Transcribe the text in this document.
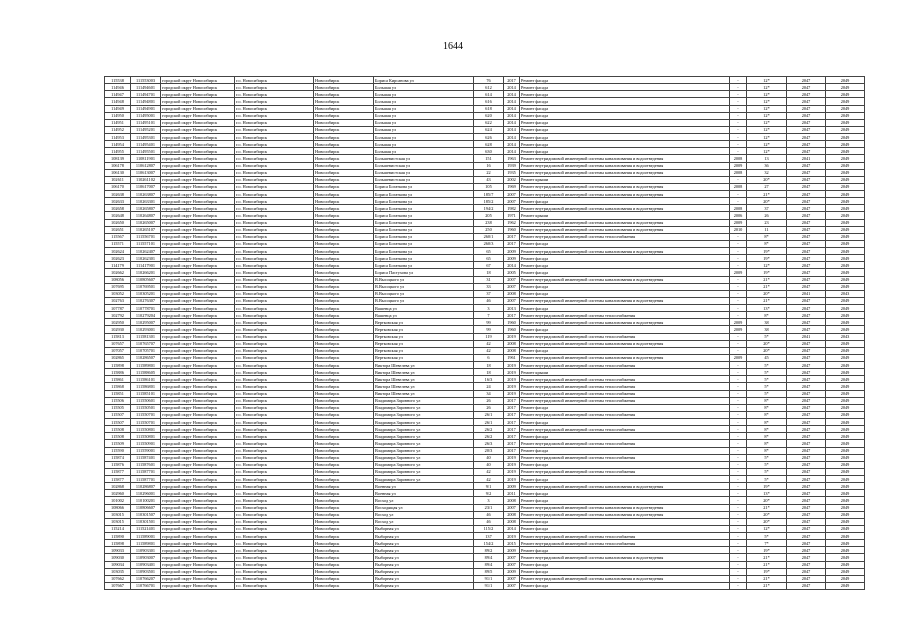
1644
115538	111553003	городской округ Новосибирск	г.о. Новосибирск	Новосибирск	Бориса Кирсанова ул	76	2017	Ремонт фасада	-	12*	2047	2049
114946	111494601	городской округ Новосибирск	г.о. Новосибирск	Новосибирск	Большая ул	612	2014	Ремонт фасада	-	12*	2047	2049
114947	111494701	городской округ Новосибирск	г.о. Новосибирск	Новосибирск	Большая ул	614	2014	Ремонт фасада	-	12*	2047	2049
114948	111494801	городской округ Новосибирск	г.о. Новосибирск	Новосибирск	Большая ул	616	2014	Ремонт фасада	-	12*	2047	2049
114949	111494901	городской округ Новосибирск	г.о. Новосибирск	Новосибирск	Большая ул	618	2014	Ремонт фасада	-	12*	2047	2049
114950	111495001	городской округ Новосибирск	г.о. Новосибирск	Новосибирск	Большая ул	620	2014	Ремонт фасада	-	12*	2047	2049
114951	111495101	городской округ Новосибирск	г.о. Новосибирск	Новосибирск	Большая ул	622	2014	Ремонт фасада	-	12*	2047	2049
114952	111495201	городской округ Новосибирск	г.о. Новосибирск	Новосибирск	Большая ул	624	2014	Ремонт фасада	-	12*	2047	2049
114953	111495301	городской округ Новосибирск	г.о. Новосибирск	Новосибирск	Большая ул	626	2014	Ремонт фасада	-	12*	2047	2049
114954	111495401	городской округ Новосибирск	г.о. Новосибирск	Новосибирск	Большая ул	628	2014	Ремонт фасада	-	12*	2047	2049
114955	111495501	городской округ Новосибирск	г.о. Новосибирск	Новосибирск	Большая ул	630	2014	Ремонт фасада	-	12*	2047	2049
108139	110811901	городской округ Новосибирск	г.о. Новосибирск	Новосибирск	Большевистская ул	151	1963	Ремонт внутридомовой инженерной системы канализования и водоотведения	2008	13	2041	2049
106178	110612807	городской округ Новосибирск	г.о. Новосибирск	Новосибирск	Большевистская ул	16	1939	Ремонт внутридомовой инженерной системы канализования и водоотведения	2009	36	2047	2049
106130	110613007	городской округ Новосибирск	г.о. Новосибирск	Новосибирск	Большевистская ул	22	1935	Ремонт внутридомовой инженерной системы канализования и водоотведения	2008	32	2047	2049
102611	110261102	городской округ Новосибирск	г.о. Новосибирск	Новосибирск	Большевистская ул	43	2002	Ремонт крыши	-	20*	2047	2049
106170	110617007	городской округ Новосибирск	г.о. Новосибирск	Новосибирск	Бориса Богаткова ул	105	1969	Ремонт внутридомовой инженерной системы канализования и водоотведения	2008	27	2047	2049
102638	110263807	городской округ Новосибирск	г.о. Новосибирск	Новосибирск	Бориса Богаткова ул	185/7	2007	Ремонт внутридомовой инженерной системы канализования и водоотведения	-	21*	2047	2049
102633	110263301	городской округ Новосибирск	г.о. Новосибирск	Новосибирск	Бориса Богаткова ул	185/2	2007	Ремонт фасада	-	20*	2047	2049
102658	110265807	городской округ Новосибирск	г.о. Новосибирск	Новосибирск	Бориса Богаткова ул	194/2	1982	Ремонт внутридомовой инженерной системы канализования и водоотведения	2008	37	2047	2049
102648	110264807	городской округ Новосибирск	г.о. Новосибирск	Новосибирск	Бориса Богаткова ул	205	1971	Ремонт крыши	2006	26	2047	2049
102650	110265007	городской округ Новосибирск	г.о. Новосибирск	Новосибирск	Бориса Богаткова ул	238	1962	Ремонт внутридомовой инженерной системы канализования и водоотведения	2009	23	2047	2049
102651	110265107	городской округ Новосибирск	г.о. Новосибирск	Новосибирск	Бориса Богаткова ул	250	1960	Ремонт внутридомовой инженерной системы канализования и водоотведения	2010	11	2047	2049
115567	111556701	городской округ Новосибирск	г.о. Новосибирск	Новосибирск	Бориса Богаткова ул	260/1	2017	Ремонт внутридомовой инженерной системы теплоснабжения	-	8*	2047	2049
115571	111557101	городской округ Новосибирск	г.о. Новосибирск	Новосибирск	Бориса Богаткова ул	260/3	2017	Ремонт фасада	-	8*	2047	2049
102624	110262407	городской округ Новосибирск	г.о. Новосибирск	Новосибирск	Бориса Богаткова ул	65	2009	Ремонт внутридомовой инженерной системы канализования и водоотведения	-	19*	2047	2049
102623	110262301	городской округ Новосибирск	г.о. Новосибирск	Новосибирск	Бориса Богаткова ул	65	2009	Ремонт фасада	-	19*	2047	2049
114179	111417901	городской округ Новосибирск	г.о. Новосибирск	Новосибирск	Бориса Богаткова ул	67	2014	Ремонт фасада	-	12*	2047	2049
102662	110266201	городской округ Новосибирск	г.о. Новосибирск	Новосибирск	Бориса Пастухова ул	18	2005	Ремонт фасада	2009	19*	2047	2049
108056	110805607	городской округ Новосибирск	г.о. Новосибирск	Новосибирск	В.Высоцкого ул	31	2007	Ремонт внутридомовой инженерной системы канализования и водоотведения	-	21*	2047	2049
107695	110769501	городской округ Новосибирск	г.о. Новосибирск	Новосибирск	В.Высоцкого ул	33	2007	Ремонт фасада	-	21*	2047	2049
103052	110305201	городской округ Новосибирск	г.о. Новосибирск	Новосибирск	В.Высоцкого ул	37	2008	Ремонт фасада	-	20*	2041	2043
102763	110276307	городской округ Новосибирск	г.о. Новосибирск	Новосибирск	В.Высоцкого ул	46	2007	Ремонт внутридомовой инженерной системы канализования и водоотведения	-	21*	2047	2049
107787	110778701	городской округ Новосибирск	г.о. Новосибирск	Новосибирск	Вашенца ул	3	2013	Ремонт фасада	-	13*	2047	2049
102792	110279204	городской округ Новосибирск	г.о. Новосибирск	Новосибирск	Вашенца ул	7	2017	Ремонт внутридомовой инженерной системы теплоснабжения	-	8*	2047	2049
102950	110295007	городской округ Новосибирск	г.о. Новосибирск	Новосибирск	Вертковская ул	99	1960	Ремонт внутридомовой инженерной системы канализования и водоотведения	2009	38	2047	2049
102930	110293001	городской округ Новосибирск	г.о. Новосибирск	Новосибирск	Вертковская ул	99	1960	Ремонт фасада	2009	38	2047	2049
115813	111581301	городской округ Новосибирск	г.о. Новосибирск	Новосибирск	Вертковская ул	119	2019	Ремонт внутридомовой инженерной системы теплоснабжения	-	5*	2041	2043
107657	110765707	городской округ Новосибирск	г.о. Новосибирск	Новосибирск	Вертковская ул	42	2008	Ремонт внутридомовой инженерной системы канализования и водоотведения	-	20*	2047	2049
107057	110705701	городской округ Новосибирск	г.о. Новосибирск	Новосибирск	Вертковская ул	42	2008	Ремонт фасада	-	20*	2047	2049
102865	110286507	городской округ Новосибирск	г.о. Новосибирск	Новосибирск	Вертковская ул	6	1961	Ремонт внутридомовой инженерной системы канализования и водоотведения	2009	45	2047	2049
115898	111589801	городской округ Новосибирск	г.о. Новосибирск	Новосибирск	Виктора Шевелева ул	18	2019	Ремонт внутридомовой инженерной системы теплоснабжения	-	5*	2047	2049
115886	111588605	городской округ Новосибирск	г.о. Новосибирск	Новосибирск	Виктора Шевелева ул	18	2019	Ремонт крыши	-	5*	2047	2049
115861	111586101	городской округ Новосибирск	г.о. Новосибирск	Новосибирск	Виктора Шевелева ул	16/3	2019	Ремонт внутридомовой инженерной системы теплоснабжения	-	5*	2047	2049
115868	111586801	городской округ Новосибирск	г.о. Новосибирск	Новосибирск	Виктора Шевелева ул	24	2019	Ремонт внутридомовой инженерной системы теплоснабжения	-	5*	2047	2049
115851	111585101	городской округ Новосибирск	г.о. Новосибирск	Новосибирск	Виктора Шевелева ул	34	2019	Ремонт внутридомовой инженерной системы теплоснабжения	-	5*	2047	2049
115506	111550601	городской округ Новосибирск	г.о. Новосибирск	Новосибирск	Владимира Заровного ул	26	2017	Ремонт внутридомовой инженерной системы теплоснабжения	-	8*	2047	2049
115505	111550501	городской округ Новосибирск	г.о. Новосибирск	Новосибирск	Владимира Заровного ул	26	2017	Ремонт фасада	-	8*	2047	2049
115507	111550701	городской округ Новосибирск	г.о. Новосибирск	Новосибирск	Владимира Заровного ул	26/1	2017	Ремонт внутридомовой инженерной системы теплоснабжения	-	8*	2047	2049
115507	111550701	городской округ Новосибирск	г.о. Новосибирск	Новосибирск	Владимира Заровного ул	26/1	2017	Ремонт фасада	-	8*	2047	2049
115508	111550801	городской округ Новосибирск	г.о. Новосибирск	Новосибирск	Владимира Заровного ул	26/2	2017	Ремонт внутридомовой инженерной системы теплоснабжения	-	8*	2047	2049
115508	111550801	городской округ Новосибирск	г.о. Новосибирск	Новосибирск	Владимира Заровного ул	26/2	2017	Ремонт фасада	-	8*	2047	2049
115509	111550901	городской округ Новосибирск	г.о. Новосибирск	Новосибирск	Владимира Заровного ул	26/3	2017	Ремонт внутридомовой инженерной системы теплоснабжения	-	8*	2047	2049
115590	111559001	городской округ Новосибирск	г.о. Новосибирск	Новосибирск	Владимира Заровного ул	20/3	2017	Ремонт фасада	-	8*	2047	2049
115874	111587401	городской округ Новосибирск	г.о. Новосибирск	Новосибирск	Владимира Заровного ул	40	2019	Ремонт внутридомовой инженерной системы теплоснабжения	-	5*	2047	2049
115876	111587601	городской округ Новосибирск	г.о. Новосибирск	Новосибирск	Владимира Заровного ул	40	2019	Ремонт фасада	-	5*	2047	2049
115877	111587701	городской округ Новосибирск	г.о. Новосибирск	Новосибирск	Владимира Заровного ул	42	2019	Ремонт внутридомовой инженерной системы теплоснабжения	-	5*	2047	2049
115877	111587701	городской округ Новосибирск	г.о. Новосибирск	Новосибирск	Владимира Заровного ул	42	2019	Ремонт фасада	-	5*	2047	2049
102868	110286807	городской округ Новосибирск	г.о. Новосибирск	Новосибирск	Военная ул	9/1	2009	Ремонт внутридомовой инженерной системы канализования и водоотведения	-	19*	2047	2049
102960	110296001	городской округ Новосибирск	г.о. Новосибирск	Новосибирск	Военная ул	9/2	2011	Ремонт фасада	-	13*	2047	2049
101002	110100201	городской округ Новосибирск	г.о. Новосибирск	Новосибирск	Восход ул	3	2008	Ремонт фасада	-	20*	2047	2049
108066	110806607	городской округ Новосибирск	г.о. Новосибирск	Новосибирск	Восходящая ул	23/1	2007	Ремонт внутридомовой инженерной системы канализования и водоотведения	-	21*	2047	2049
103015	110301507	городской округ Новосибирск	г.о. Новосибирск	Новосибирск	Восход ул	46	2008	Ремонт внутридомовой инженерной системы канализования и водоотведения	-	20*	2047	2049
103015	110301501	городской округ Новосибирск	г.о. Новосибирск	Новосибирск	Восход ул	46	2008	Ремонт фасада	-	20*	2047	2049
115214	111521401	городской округ Новосибирск	г.о. Новосибирск	Новосибирск	Выборная ул	115/2	2014	Ремонт фасада	-	12*	2047	2049
115890	111589001	городской округ Новосибирск	г.о. Новосибирск	Новосибирск	Выборная ул	137	2019	Ремонт внутридомовой инженерной системы теплоснабжения	-	5*	2047	2049
115898	111589801	городской округ Новосибирск	г.о. Новосибирск	Новосибирск	Выборная ул	154/2	2015	Ремонт внутридомовой инженерной системы теплоснабжения	-	7*	2047	2049
109033	110903301	городской округ Новосибирск	г.о. Новосибирск	Новосибирск	Выборная ул	89/2	2009	Ремонт фасада	-	19*	2047	2049
109030	110903007	городской округ Новосибирск	г.о. Новосибирск	Новосибирск	Выборная ул	89/4	2007	Ремонт внутридомовой инженерной системы канализования и водоотведения	-	21*	2047	2049
109034	110903401	городской округ Новосибирск	г.о. Новосибирск	Новосибирск	Выборная ул	89/4	2007	Ремонт фасада	-	21*	2047	2049
103035	110903501	городской округ Новосибирск	г.о. Новосибирск	Новосибирск	Выборная ул	89/5	2009	Ремонт фасада	-	19*	2047	2049
107662	110766207	городской округ Новосибирск	г.о. Новосибирск	Новосибирск	Выборная ул	91/1	2007	Ремонт внутридомовой инженерной системы канализования и водоотведения	-	21*	2047	2049
107667	110766701	городской округ Новосибирск	г.о. Новосибирск	Новосибирск	Выборная ул	91/1	2007	Ремонт фасада	-	21*	2047	2049
